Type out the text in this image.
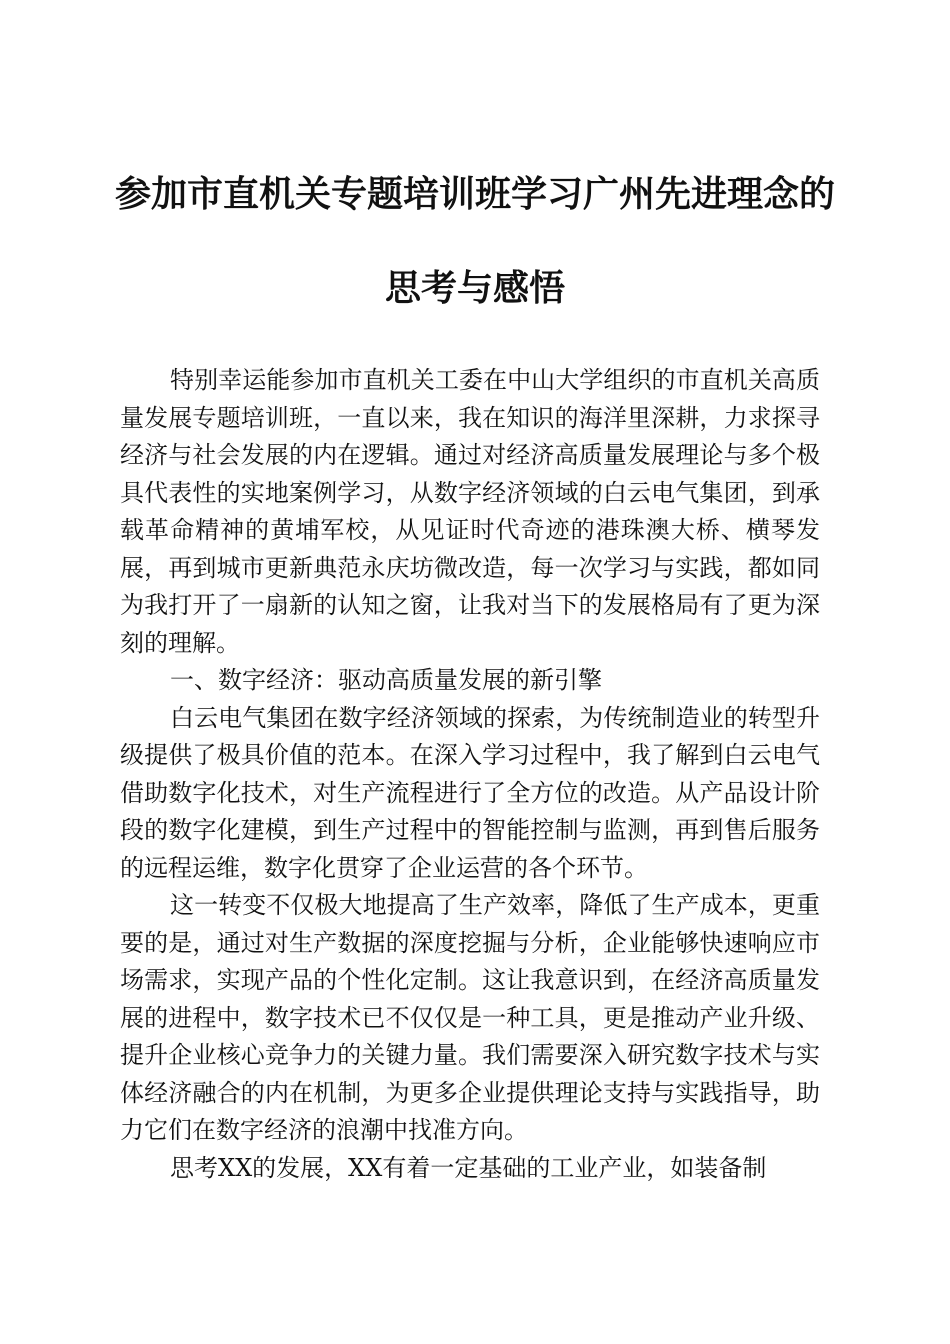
参加市直机关专题培训班学习广州先进理念的
思考与感悟

特别幸运能参加市直机关工委在中山大学组织的市直机关高质量发展专题培训班，一直以来，我在知识的海洋里深耕，力求探寻经济与社会发展的内在逻辑。通过对经济高质量发展理论与多个极具代表性的实地案例学习，从数字经济领域的白云电气集团，到承载革命精神的黄埔军校，从见证时代奇迹的港珠澳大桥、横琴发展，再到城市更新典范永庆坊微改造，每一次学习与实践，都如同为我打开了一扇新的认知之窗，让我对当下的发展格局有了更为深刻的理解。

一、数字经济：驱动高质量发展的新引擎

白云电气集团在数字经济领域的探索，为传统制造业的转型升级提供了极具价值的范本。在深入学习过程中，我了解到白云电气借助数字化技术，对生产流程进行了全方位的改造。从产品设计阶段的数字化建模，到生产过程中的智能控制与监测，再到售后服务的远程运维，数字化贯穿了企业运营的各个环节。

这一转变不仅极大地提高了生产效率，降低了生产成本，更重要的是，通过对生产数据的深度挖掘与分析，企业能够快速响应市场需求，实现产品的个性化定制。这让我意识到，在经济高质量发展的进程中，数字技术已不仅仅是一种工具，更是推动产业升级、提升企业核心竞争力的关键力量。我们需要深入研究数字技术与实体经济融合的内在机制，为更多企业提供理论支持与实践指导，助力它们在数字经济的浪潮中找准方向。

思考XX的发展，XX有着一定基础的工业产业，如装备制
